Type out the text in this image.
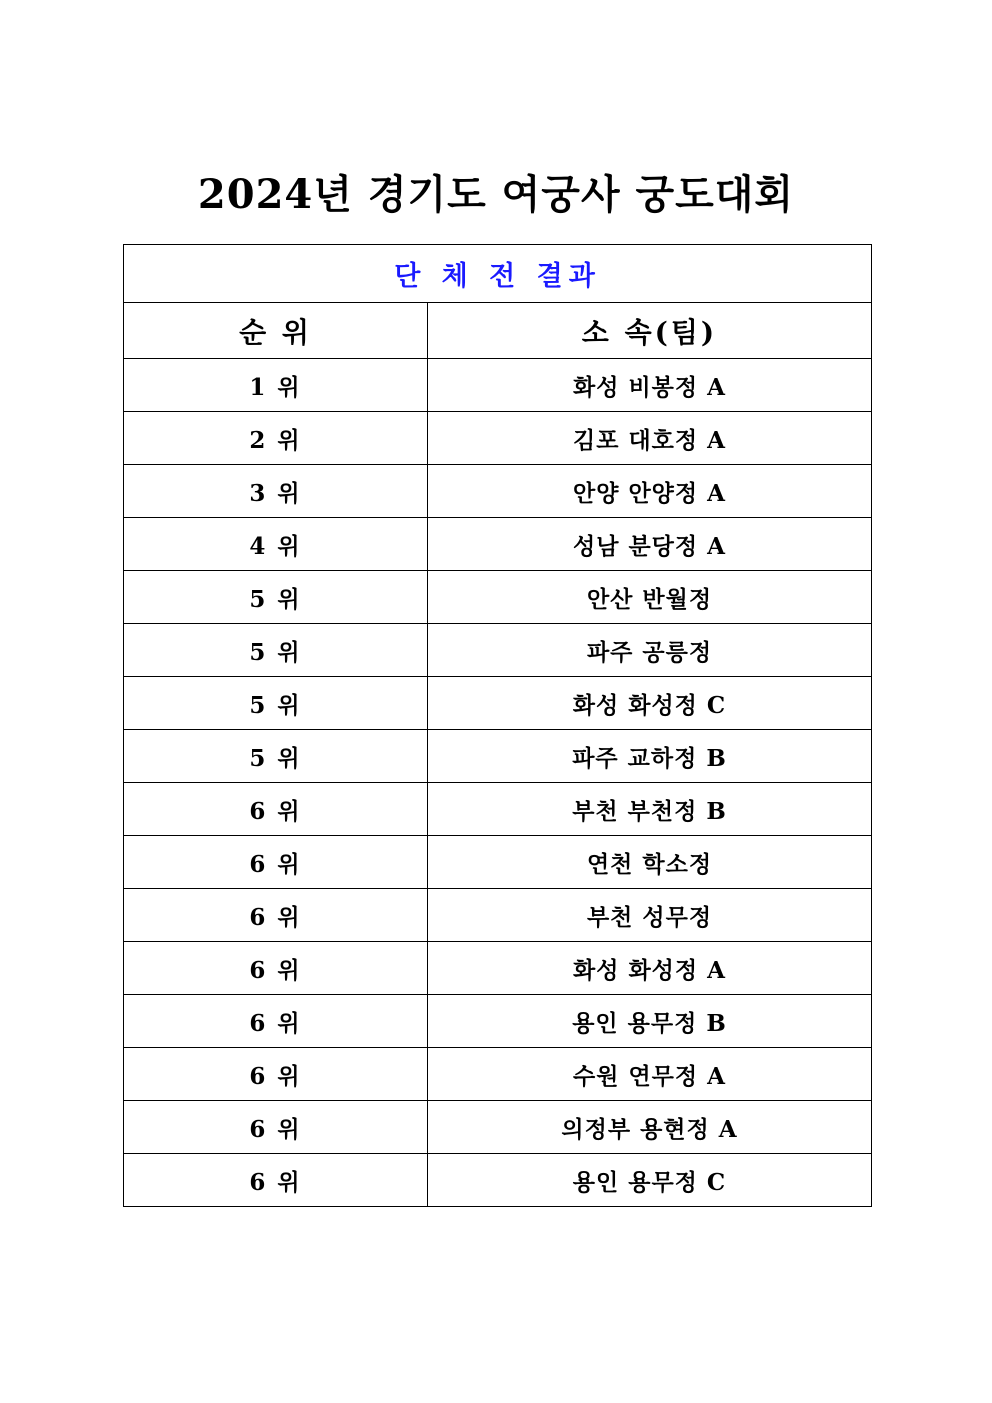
2024년 경기도 여궁사 궁도대회
단 체 전 결과	
순 위	소 속(팀)
1 위	화성 비봉정 A
2 위	김포 대호정 A
3 위	안양 안양정 A
4 위	성남 분당정 A
5 위	안산 반월정
5 위	파주 공릉정
5 위	화성 화성정 C
5 위	파주 교하정 B
6 위	부천 부천정 B
6 위	연천 학소정
6 위	부천 성무정
6 위	화성 화성정 A
6 위	용인 용무정 B
6 위	수원 연무정 A
6 위	의정부 용현정 A
6 위	용인 용무정 C
